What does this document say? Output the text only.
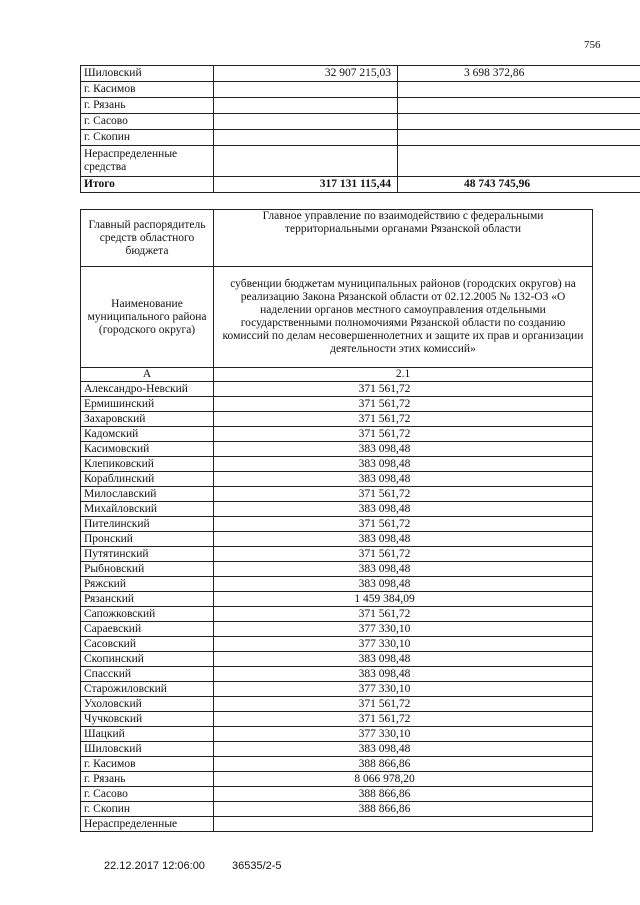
756
Шиловский	32 907 215,03	3 698 372,86
г. Касимов		
г. Рязань		
г. Сасово		
г. Скопин		
Нераспределенные средства		
Итого	317 131 115,44	48 743 745,96
Главный распорядитель средств областного бюджета	Главное управление по взаимодействию с федеральными территориальными органами Рязанской области
Наименование муниципального района (городского округа)	субвенции бюджетам муниципальных районов (городских округов) на реализацию Закона Рязанской области от 02.12.2005 № 132-ОЗ «О наделении органов местного самоуправления отдельными государственными полномочиями Рязанской области по созданию комиссий по делам несовершеннолетних и защите их прав и организации деятельности этих комиссий»
А	2.1
Александро-Невский	371 561,72
Ермишинский	371 561,72
Захаровский	371 561,72
Кадомский	371 561,72
Касимовский	383 098,48
Клепиковский	383 098,48
Кораблинский	383 098,48
Милославский	371 561,72
Михайловский	383 098,48
Пителинский	371 561,72
Пронский	383 098,48
Путятинский	371 561,72
Рыбновский	383 098,48
Ряжский	383 098,48
Рязанский	1 459 384,09
Сапожковский	371 561,72
Сараевский	377 330,10
Сасовский	377 330,10
Скопинский	383 098,48
Спасский	383 098,48
Старожиловский	377 330,10
Ухоловский	371 561,72
Чучковский	371 561,72
Шацкий	377 330,10
Шиловский	383 098,48
г. Касимов	388 866,86
г. Рязань	8 066 978,20
г. Сасово	388 866,86
г. Скопин	388 866,86
Нераспределенные	
22.12.2017 12:06:00 36535/2-5
